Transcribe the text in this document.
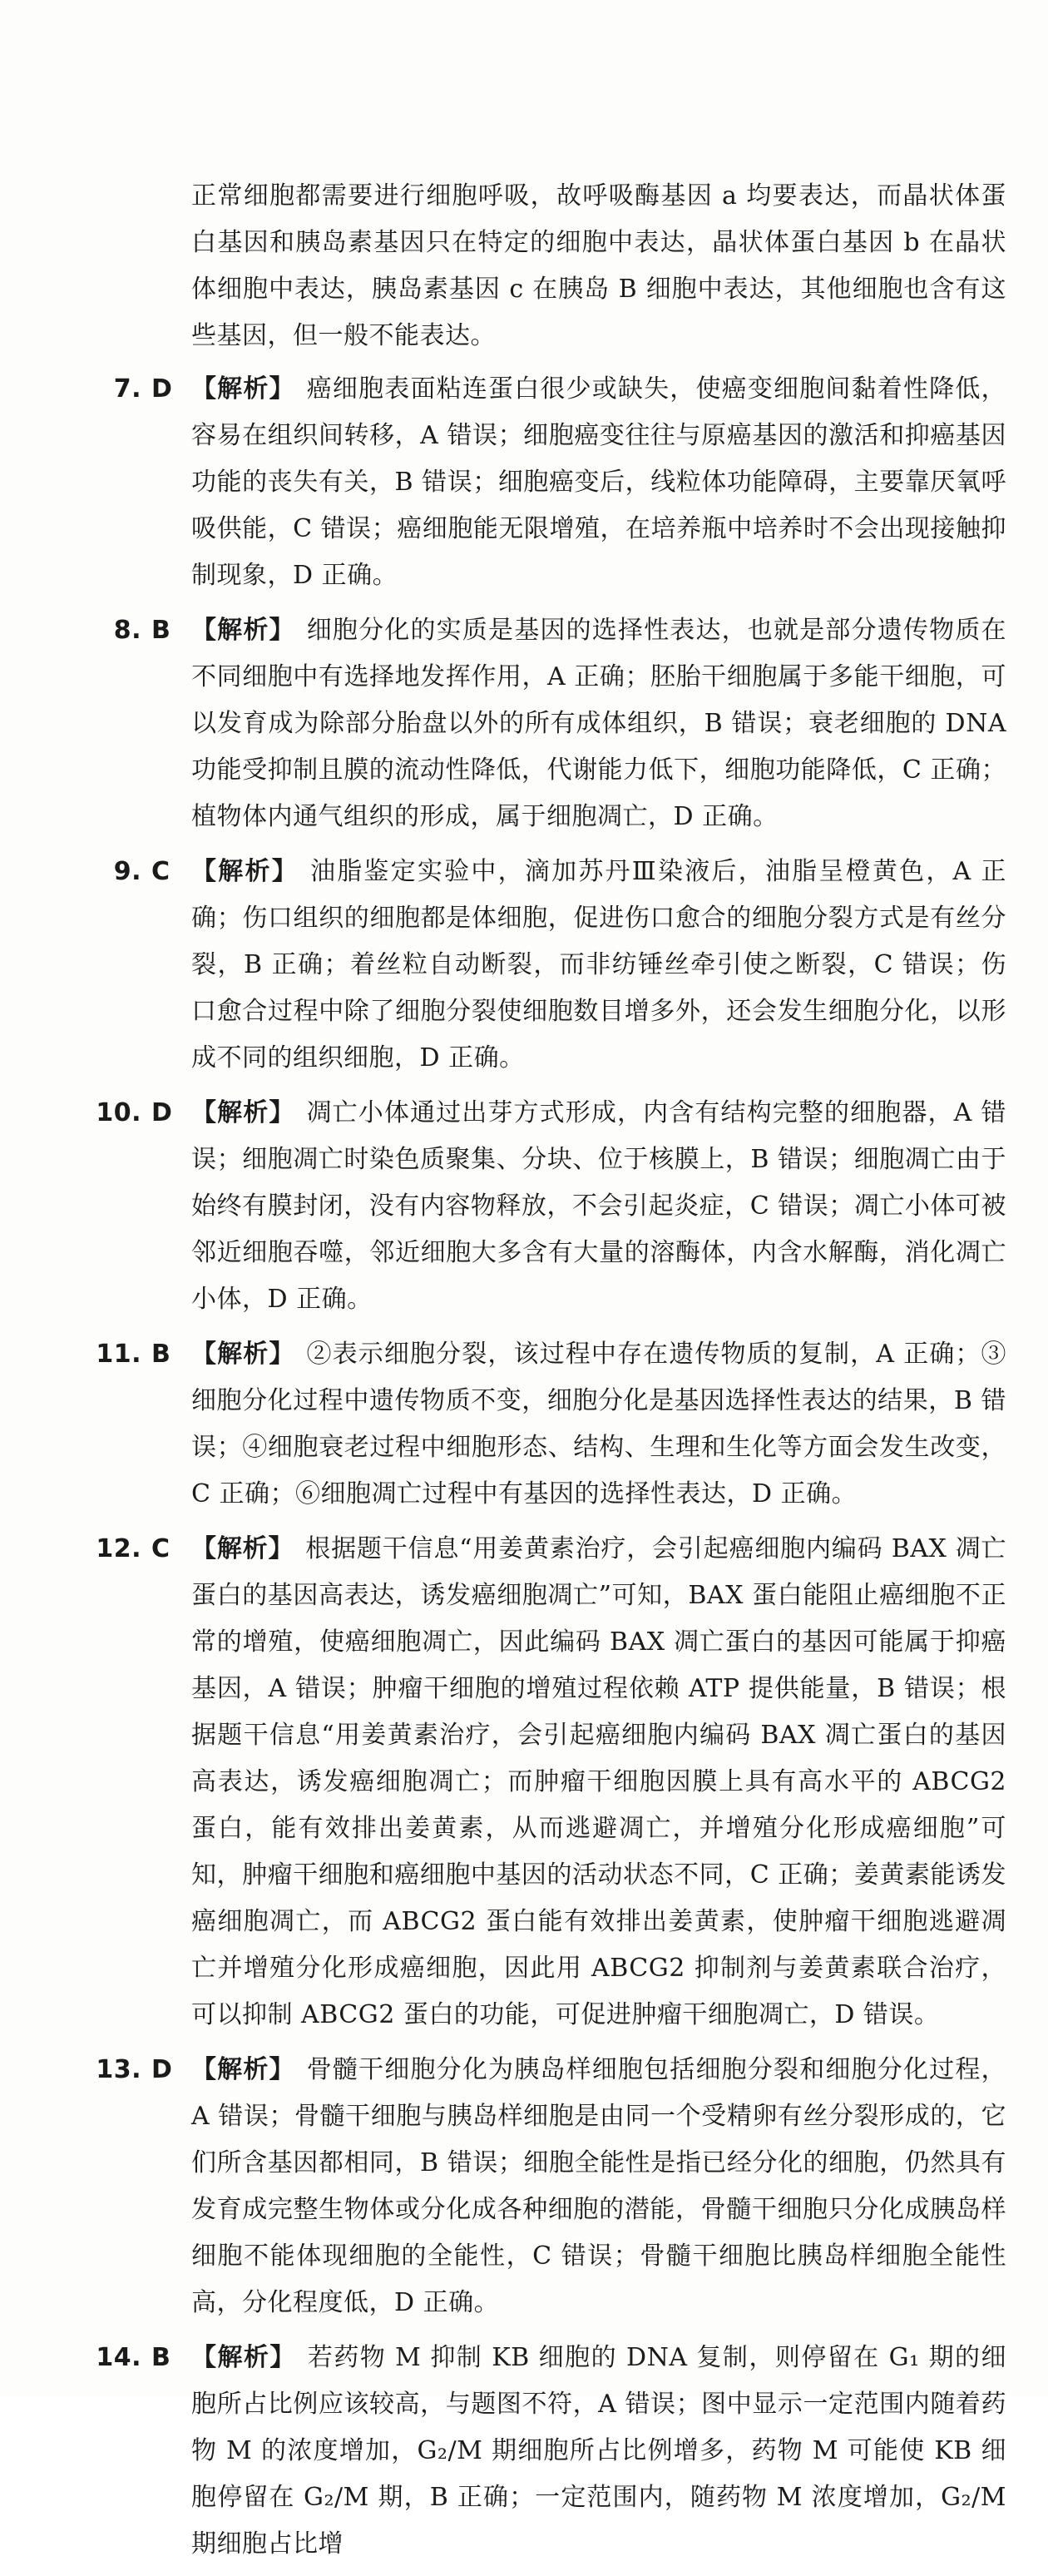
正常细胞都需要进行细胞呼吸，故呼吸酶基因 a 均要表达，而晶状体蛋白基因和胰岛素基因只在特定的细胞中表达，晶状体蛋白基因 b 在晶状体细胞中表达，胰岛素基因 c 在胰岛 B 细胞中表达，其他细胞也含有这些基因，但一般不能表达。

7. D 【解析】 癌细胞表面粘连蛋白很少或缺失，使癌变细胞间黏着性降低，容易在组织间转移，A 错误；细胞癌变往往与原癌基因的激活和抑癌基因功能的丧失有关，B 错误；细胞癌变后，线粒体功能障碍，主要靠厌氧呼吸供能，C 错误；癌细胞能无限增殖，在培养瓶中培养时不会出现接触抑制现象，D 正确。
8. B 【解析】 细胞分化的实质是基因的选择性表达，也就是部分遗传物质在不同细胞中有选择地发挥作用，A 正确；胚胎干细胞属于多能干细胞，可以发育成为除部分胎盘以外的所有成体组织，B 错误；衰老细胞的 DNA 功能受抑制且膜的流动性降低，代谢能力低下，细胞功能降低，C 正确；植物体内通气组织的形成，属于细胞凋亡，D 正确。
9. C 【解析】 油脂鉴定实验中，滴加苏丹Ⅲ染液后，油脂呈橙黄色，A 正确；伤口组织的细胞都是体细胞，促进伤口愈合的细胞分裂方式是有丝分裂，B 正确；着丝粒自动断裂，而非纺锤丝牵引使之断裂，C 错误；伤口愈合过程中除了细胞分裂使细胞数目增多外，还会发生细胞分化，以形成不同的组织细胞，D 正确。
10. D 【解析】 凋亡小体通过出芽方式形成，内含有结构完整的细胞器，A 错误；细胞凋亡时染色质聚集、分块、位于核膜上，B 错误；细胞凋亡由于始终有膜封闭，没有内容物释放，不会引起炎症，C 错误；凋亡小体可被邻近细胞吞噬，邻近细胞大多含有大量的溶酶体，内含水解酶，消化凋亡小体，D 正确。
11. B 【解析】 ②表示细胞分裂，该过程中存在遗传物质的复制，A 正确；③细胞分化过程中遗传物质不变，细胞分化是基因选择性表达的结果，B 错误；④细胞衰老过程中细胞形态、结构、生理和生化等方面会发生改变，C 正确；⑥细胞凋亡过程中有基因的选择性表达，D 正确。
12. C 【解析】 根据题干信息“用姜黄素治疗，会引起癌细胞内编码 BAX 凋亡蛋白的基因高表达，诱发癌细胞凋亡”可知，BAX 蛋白能阻止癌细胞不正常的增殖，使癌细胞凋亡，因此编码 BAX 凋亡蛋白的基因可能属于抑癌基因，A 错误；肿瘤干细胞的增殖过程依赖 ATP 提供能量，B 错误；根据题干信息“用姜黄素治疗，会引起癌细胞内编码 BAX 凋亡蛋白的基因高表达，诱发癌细胞凋亡；而肿瘤干细胞因膜上具有高水平的 ABCG2 蛋白，能有效排出姜黄素，从而逃避凋亡，并增殖分化形成癌细胞”可知，肿瘤干细胞和癌细胞中基因的活动状态不同，C 正确；姜黄素能诱发癌细胞凋亡，而 ABCG2 蛋白能有效排出姜黄素，使肿瘤干细胞逃避凋亡并增殖分化形成癌细胞，因此用 ABCG2 抑制剂与姜黄素联合治疗，可以抑制 ABCG2 蛋白的功能，可促进肿瘤干细胞凋亡，D 错误。
13. D 【解析】 骨髓干细胞分化为胰岛样细胞包括细胞分裂和细胞分化过程，A 错误；骨髓干细胞与胰岛样细胞是由同一个受精卵有丝分裂形成的，它们所含基因都相同，B 错误；细胞全能性是指已经分化的细胞，仍然具有发育成完整生物体或分化成各种细胞的潜能，骨髓干细胞只分化成胰岛样细胞不能体现细胞的全能性，C 错误；骨髓干细胞比胰岛样细胞全能性高，分化程度低，D 正确。
14. B 【解析】 若药物 M 抑制 KB 细胞的 DNA 复制，则停留在 G₁ 期的细胞所占比例应该较高，与题图不符，A 错误；图中显示一定范围内随着药物 M 的浓度增加，G₂/M 期细胞所占比例增多，药物 M 可能使 KB 细胞停留在 G₂/M 期，B 正确；一定范围内，随药物 M 浓度增加，G₂/M 期细胞占比增
